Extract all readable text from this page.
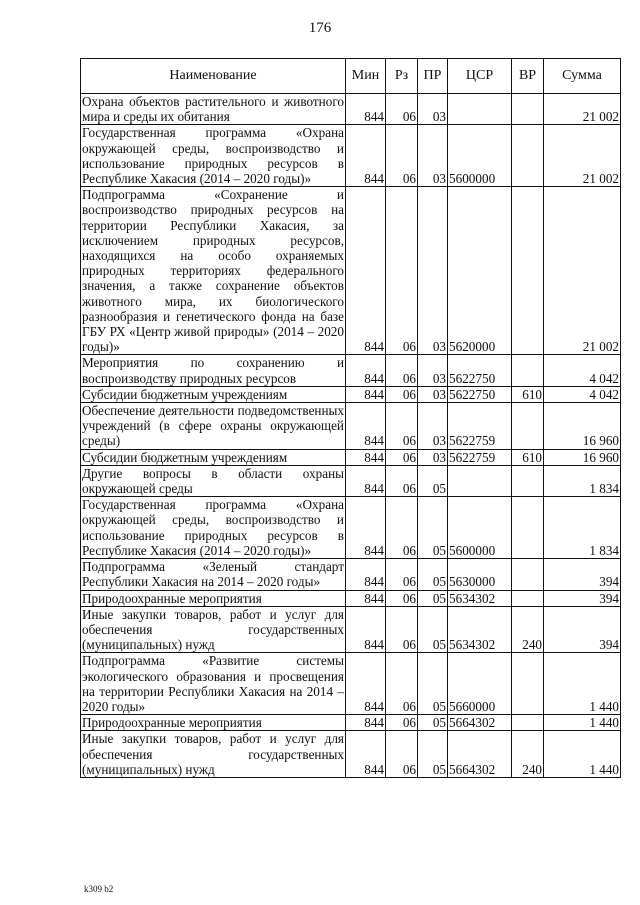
176
Наименование	Мин	Рз	ПР	ЦСР	ВР	Сумма
Охрана объектов растительного и животного мира и среды их обитания	844	06	03			21 002
Государственная программа «Охрана окружающей среды, воспроизводство и использование природных ресурсов в Республике Хакасия (2014 – 2020 годы)»	844	06	03	5600000		21 002
Подпрограмма «Сохранение и воспроизводство природных ресурсов на территории Республики Хакасия, за исключением природных ресурсов, находящихся на особо охраняемых природных территориях федерального значения, а также сохранение объектов животного мира, их биологического разнообразия и генетического фонда на базе ГБУ РХ «Центр живой природы» (2014 – 2020 годы)»	844	06	03	5620000		21 002
Мероприятия по сохранению и воспроизводству природных ресурсов	844	06	03	5622750		4 042
Субсидии бюджетным учреждениям	844	06	03	5622750	610	4 042
Обеспечение деятельности подведомственных учреждений (в сфере охраны окружающей среды)	844	06	03	5622759		16 960
Субсидии бюджетным учреждениям	844	06	03	5622759	610	16 960
Другие вопросы в области охраны окружающей среды	844	06	05			1 834
Государственная программа «Охрана окружающей среды, воспроизводство и использование природных ресурсов в Республике Хакасия (2014 – 2020 годы)»	844	06	05	5600000		1 834
Подпрограмма «Зеленый стандарт Республики Хакасия на 2014 – 2020 годы»	844	06	05	5630000		394
Природоохранные мероприятия	844	06	05	5634302		394
Иные закупки товаров, работ и услуг для обеспечения государственных (муниципальных) нужд	844	06	05	5634302	240	394
Подпрограмма «Развитие системы экологического образования и просвещения на территории Республики Хакасия на 2014 – 2020 годы»	844	06	05	5660000		1 440
Природоохранные мероприятия	844	06	05	5664302		1 440
Иные закупки товаров, работ и услуг для обеспечения государственных (муниципальных) нужд	844	06	05	5664302	240	1 440
k309 b2
